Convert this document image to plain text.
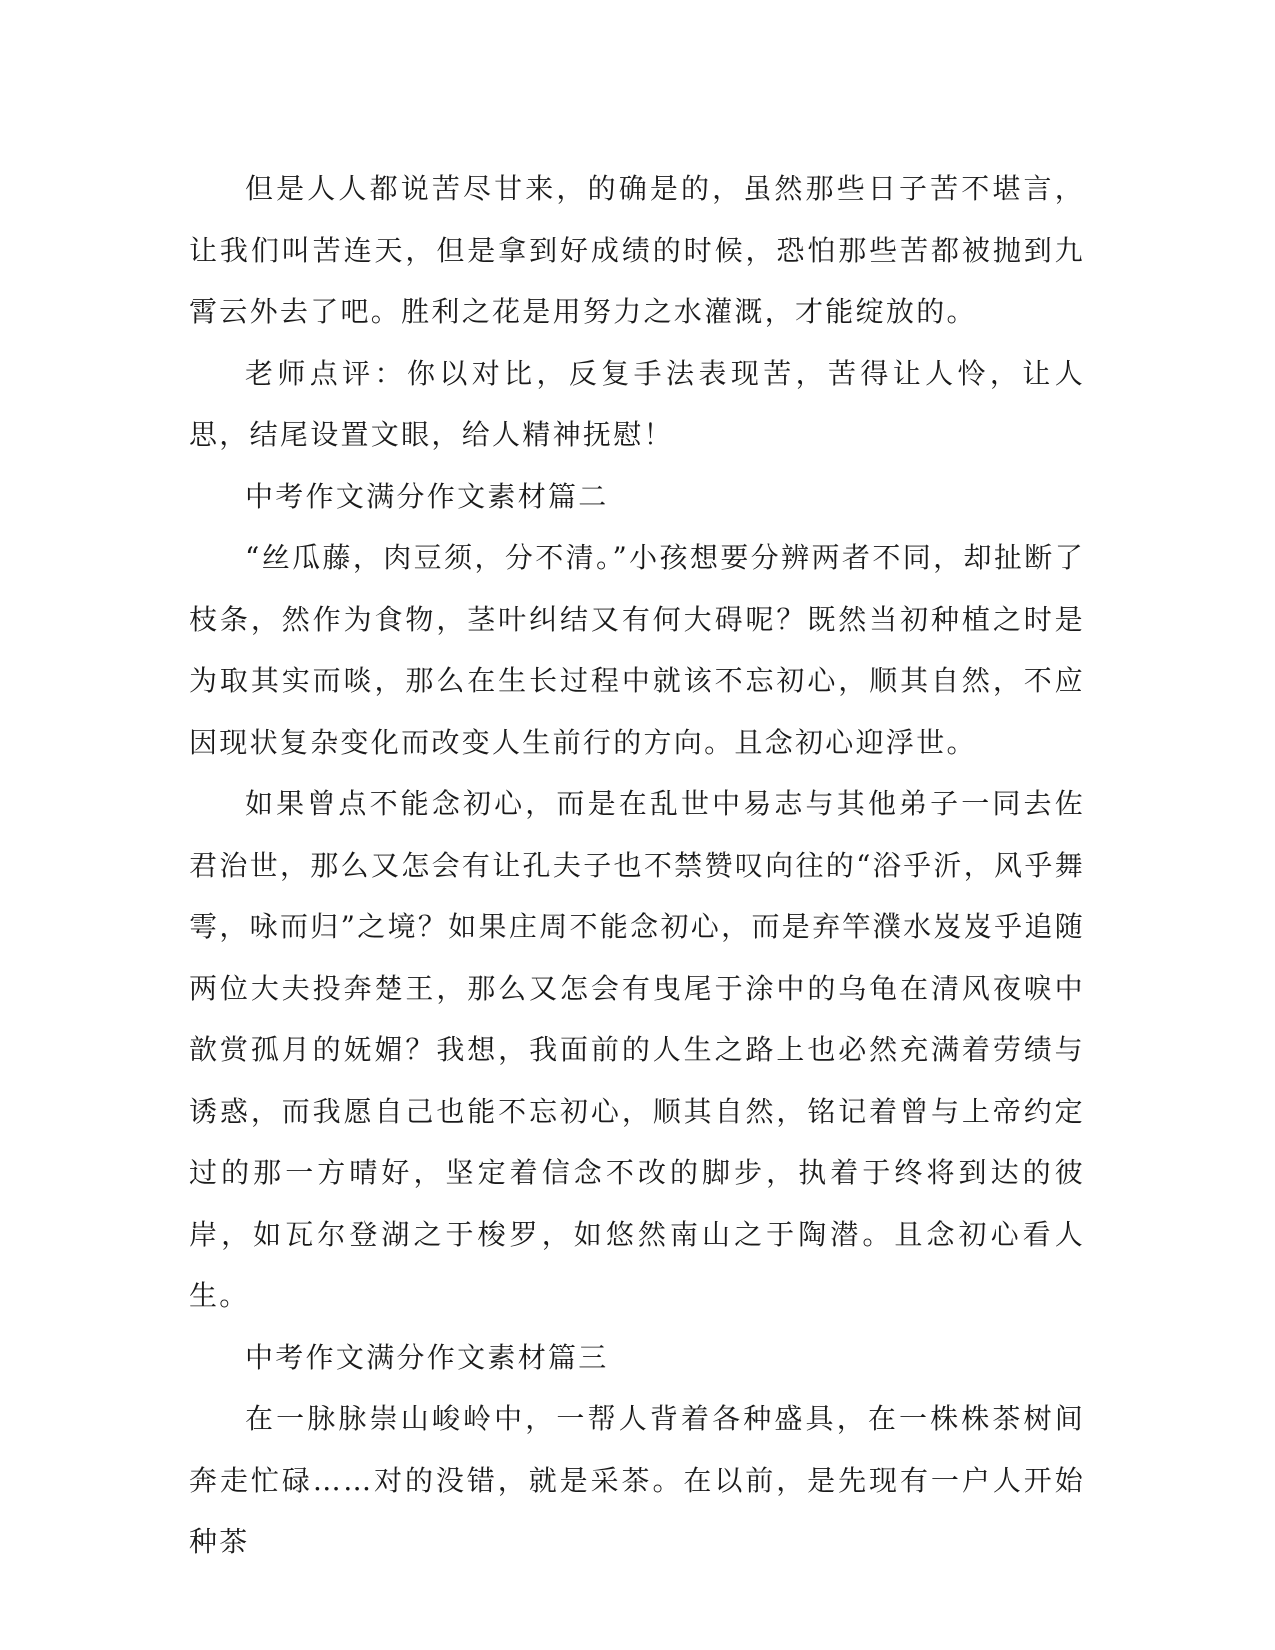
但是人人都说苦尽甘来，的确是的，虽然那些日子苦不堪言，让我们叫苦连天，但是拿到好成绩的时候，恐怕那些苦都被抛到九霄云外去了吧。胜利之花是用努力之水灌溉，才能绽放的。

老师点评：你以对比，反复手法表现苦，苦得让人怜，让人思，结尾设置文眼，给人精神抚慰！

中考作文满分作文素材篇二

“丝瓜藤，肉豆须，分不清。”小孩想要分辨两者不同，却扯断了枝条，然作为食物，茎叶纠结又有何大碍呢？既然当初种植之时是为取其实而啖，那么在生长过程中就该不忘初心，顺其自然，不应因现状复杂变化而改变人生前行的方向。且念初心迎浮世。

如果曾点不能念初心，而是在乱世中易志与其他弟子一同去佐君治世，那么又怎会有让孔夫子也不禁赞叹向往的“浴乎沂，风乎舞雩，咏而归”之境？如果庄周不能念初心，而是弃竿濮水岌岌乎追随两位大夫投奔楚王，那么又怎会有曳尾于涂中的乌龟在清风夜唳中歆赏孤月的妩媚？我想，我面前的人生之路上也必然充满着劳绩与诱惑，而我愿自己也能不忘初心，顺其自然，铭记着曾与上帝约定过的那一方晴好，坚定着信念不改的脚步，执着于终将到达的彼岸，如瓦尔登湖之于梭罗，如悠然南山之于陶潜。且念初心看人生。

中考作文满分作文素材篇三

在一脉脉崇山峻岭中，一帮人背着各种盛具，在一株株茶树间奔走忙碌……对的没错，就是采茶。在以前，是先现有一户人开始种茶
